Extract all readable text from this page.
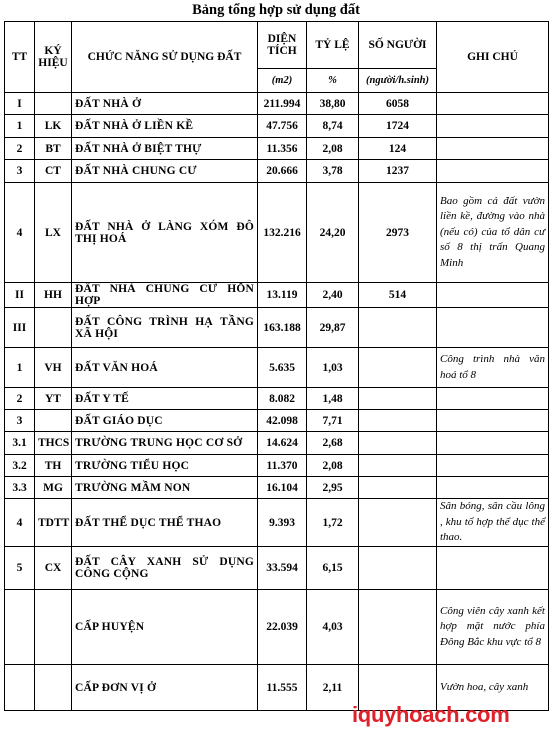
Bảng tổng hợp sử dụng đất
TT	KÝ HIỆU	CHỨC NĂNG SỬ DỤNG ĐẤT	DIỆN TÍCH	TỶ LỆ	SỐ NGƯỜI	GHI CHÚ
			(m2)	%	(người/h.sinh)	
I		ĐẤT NHÀ Ở	211.994	38,80	6058	
1	LK	ĐẤT NHÀ Ở LIỀN KỀ	47.756	8,74	1724	
2	BT	ĐẤT NHÀ Ở BIỆT THỰ	11.356	2,08	124	
3	CT	ĐẤT NHÀ CHUNG CƯ	20.666	3,78	1237	
4	LX	ĐẤT NHÀ Ở LÀNG XÓM ĐÔ THỊ HOÁ	132.216	24,20	2973	Bao gồm cả đất vườn liền kề, đường vào nhà (nếu có) của tổ dân cư số 8 thị trấn Quang Minh
II	HH	ĐẤT NHÀ CHUNG CƯ HỖN HỢP	13.119	2,40	514	
III		ĐẤT CÔNG TRÌNH HẠ TẦNG XÃ HỘI	163.188	29,87		
1	VH	ĐẤT VĂN HOÁ	5.635	1,03		Công trình nhà văn hoá tổ 8
2	YT	ĐẤT Y TẾ	8.082	1,48		
3		ĐẤT GIÁO DỤC	42.098	7,71		
3.1	THCS	TRƯỜNG TRUNG HỌC CƠ SỞ	14.624	2,68		
3.2	TH	TRƯỜNG TIỂU HỌC	11.370	2,08		
3.3	MG	TRƯỜNG MẦM NON	16.104	2,95		
4	TDTT	ĐẤT THỂ DỤC THỂ THAO	9.393	1,72		Sân bóng, sân cầu lông , khu tổ hợp thể dục thể thao.
5	CX	ĐẤT CÂY XANH SỬ DỤNG CÔNG CỘNG	33.594	6,15		
		CẤP HUYỆN	22.039	4,03		Công viên cây xanh kết hợp mặt nước phía Đông Bắc khu vực tổ 8
		CẤP ĐƠN VỊ Ở	11.555	2,11		Vườn hoa, cây xanh
iquyhoach.com
